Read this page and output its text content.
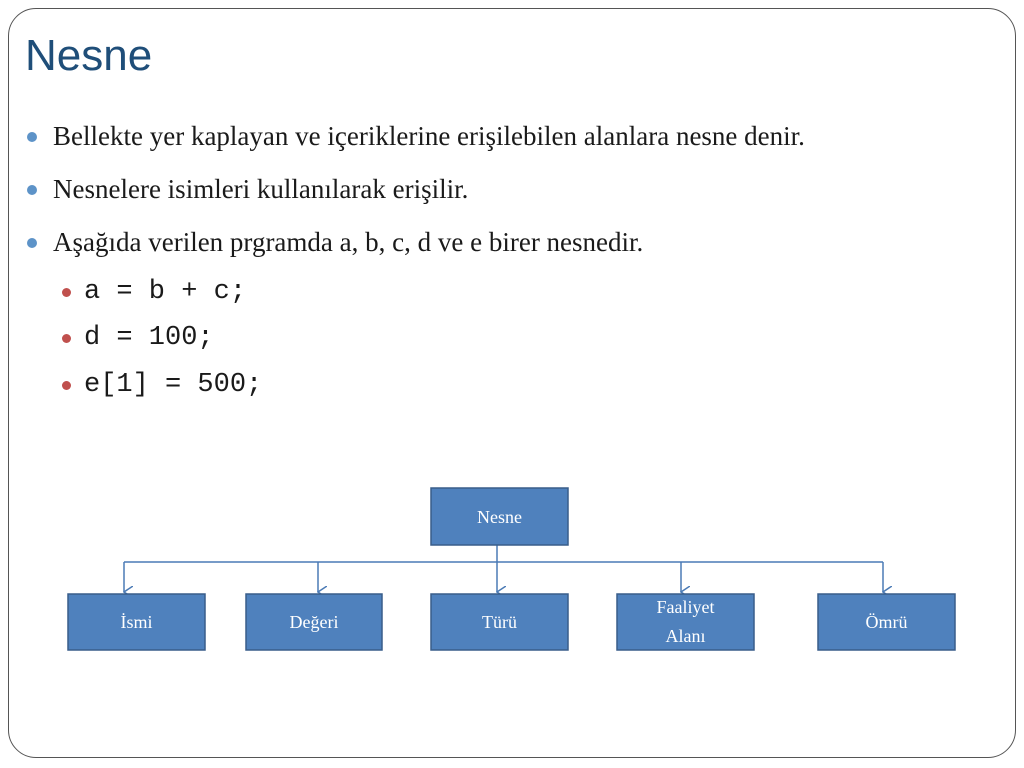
Nesne
Bellekte yer kaplayan ve içeriklerine erişilebilen alanlara nesne denir.
Nesnelere isimleri kullanılarak erişilir.
Aşağıda verilen prgramda a, b, c, d ve e birer nesnedir.
a = b + c;
d = 100;
e[1] = 500;
Nesne
İsmi	Değeri	Türü
Faaliyet
Alanı
Ömrü
